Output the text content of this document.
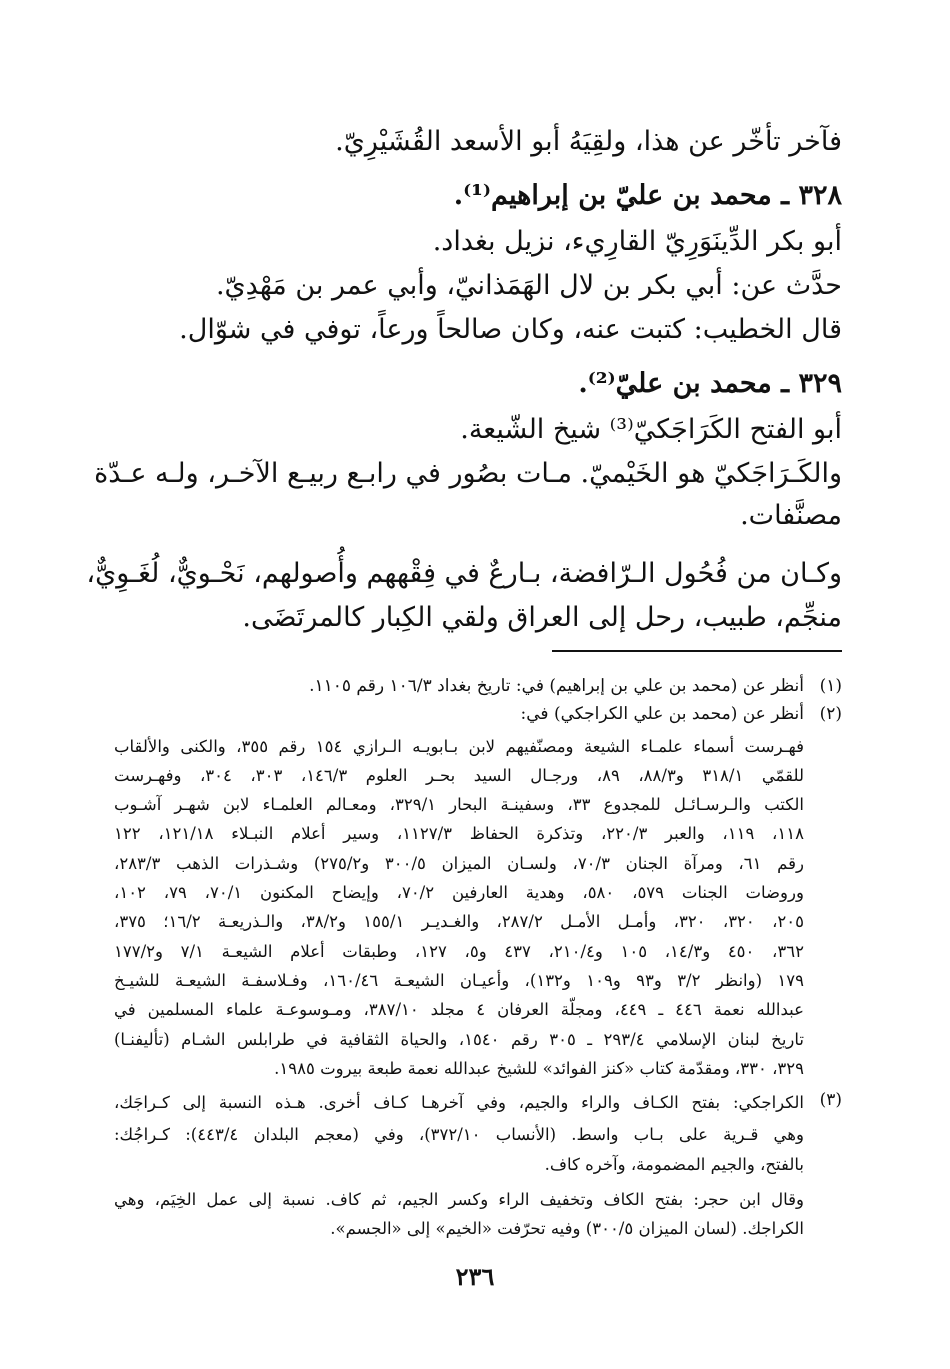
فآخر تأخّر عن هذا، ولقِيَهُ أبو الأسعد القُشَيْرِيّ.
٣٢٨ ـ محمد بن عليّ بن إبراهيم⁽¹⁾.
أبو بكر الدِّينَوَرِيّ القارِيء، نزيل بغداد.
حدَّث عن: أبي بكر بن لال الهَمَذانيّ، وأبي عمر بن مَهْدِيّ.
قال الخطيب: كتبت عنه، وكان صالحاً ورعاً، توفي في شوّال.
٣٢٩ ـ محمد بن عليّ⁽²⁾.
أبو الفتح الكَرَاجَكيّ⁽³⁾ شيخ الشّيعة.
والكَـرَاجَكيّ هو الخَيْميّ. مـات بصُور في رابـع ربيـع الآخـر، ولـه عـدّة
مصنَّفات.
وكـان من فُحُول الـرّافضة، بـارعٌ في فِقْههم وأُصولهم، نَحْـويٌّ، لُغَـوِيٌّ،
منجِّم، طبيب، رحل إلى العراق ولقي الكِبار كالمرتَضَى.
(١)
أنظر عن (محمد بن علي بن إبراهيم) في: تاريخ بغداد ١٠٦/٣ رقم ١١٠٥.
(٢)
أنظر عن (محمد بن علي الكراجكي) في:
فهـرست أسماء علمـاء الشيعة ومصنّفيهم لابن بـابويـه الـرازي ١٥٤ رقم ٣٥٥، والكنى والألقاب
للقمّي ٣١٨/١ و٨٨/٣، ٨٩، ورجـال السيد بحـر العلوم ١٤٦/٣، ٣٠٣، ٣٠٤، وفهـرست
الكتب والـرسـائـل للمجدوع ٣٣، وسفينـة البحار ٣٢٩/١، ومعـالم العلمـاء لابن شهـر آشـوب
١١٨، ١١٩، والعبر ٢٢٠/٣، وتذكرة الحفاظ ١١٢٧/٣، وسير أعلام النبـلاء ١٢١/١٨، ١٢٢
رقم ٦١، ومرآة الجنان ٧٠/٣، ولسـان الميزان ٣٠٠/٥ و٢٧٥/٢) وشـذرات الذهب ٢٨٣/٣،
وروضات الجنات ٥٧٩، ٥٨٠، وهدية العارفين ٧٠/٢، وإيضاح المكنون ٧٠/١، ٧٩، ١٠٢،
٢٠٥، ٣٢٠، ٣٢٠، وأمـل الأمـل ٢٨٧/٢، والغـديـر ١٥٥/١ و٣٨/٢، والـذريعـة ١٦/٢؛ ٣٧٥،
٣٦٢، ٤٥٠ و١٤/٣، ١٠٥ و٢١٠/٤، ٤٣٧ و٥، ١٢٧، وطبقات أعلام الشيعـة ٧/١ و١٧٧/٢
١٧٩ (وانظر ٣/٢ و٩٣ و١٠٩ و١٣٢)، وأعيـان الشيعـة ١٦٠/٤٦، وفـلاسفـة الشيعـة للشيـخ
عبدالله نعمة ٤٤٦ ـ ٤٤٩، ومجلّة العرفان ٤ مجلد ٣٨٧/١٠، ومـوسوعـة علماء المسلمين في
تاريخ لبنان الإسلامي ٢٩٣/٤ ـ ٣٠٥ رقم ١٥٤٠، والحياة الثقافية في طرابلس الشـام (تأليفنـا)
٣٢٩، ٣٣٠، ومقدّمة كتاب «كنز الفوائد» للشيخ عبدالله نعمة طبعة بيروت ١٩٨٥.
(٣)
الكراجكي: بفتح الكـاف والراء والجيم، وفي آخرهـا كـاف أخرى. هـذه النسبة إلى كـراجَك،
وهي قـرية على بـاب واسط. (الأنساب ٣٧٢/١٠)، وفي (معجم البلدان ٤٤٣/٤): كـراجُك:
بالفتح، والجيم المضمومة، وآخره كاف.
وقال ابن حجر: بفتح الكاف وتخفيف الراء وكسر الجيم، ثم كاف. نسبة إلى عمل الخِيَم، وهي
الكراجك. (لسان الميزان ٣٠٠/٥) وفيه تحرّفت «الخيم» إلى «الجسم».
٢٣٦
